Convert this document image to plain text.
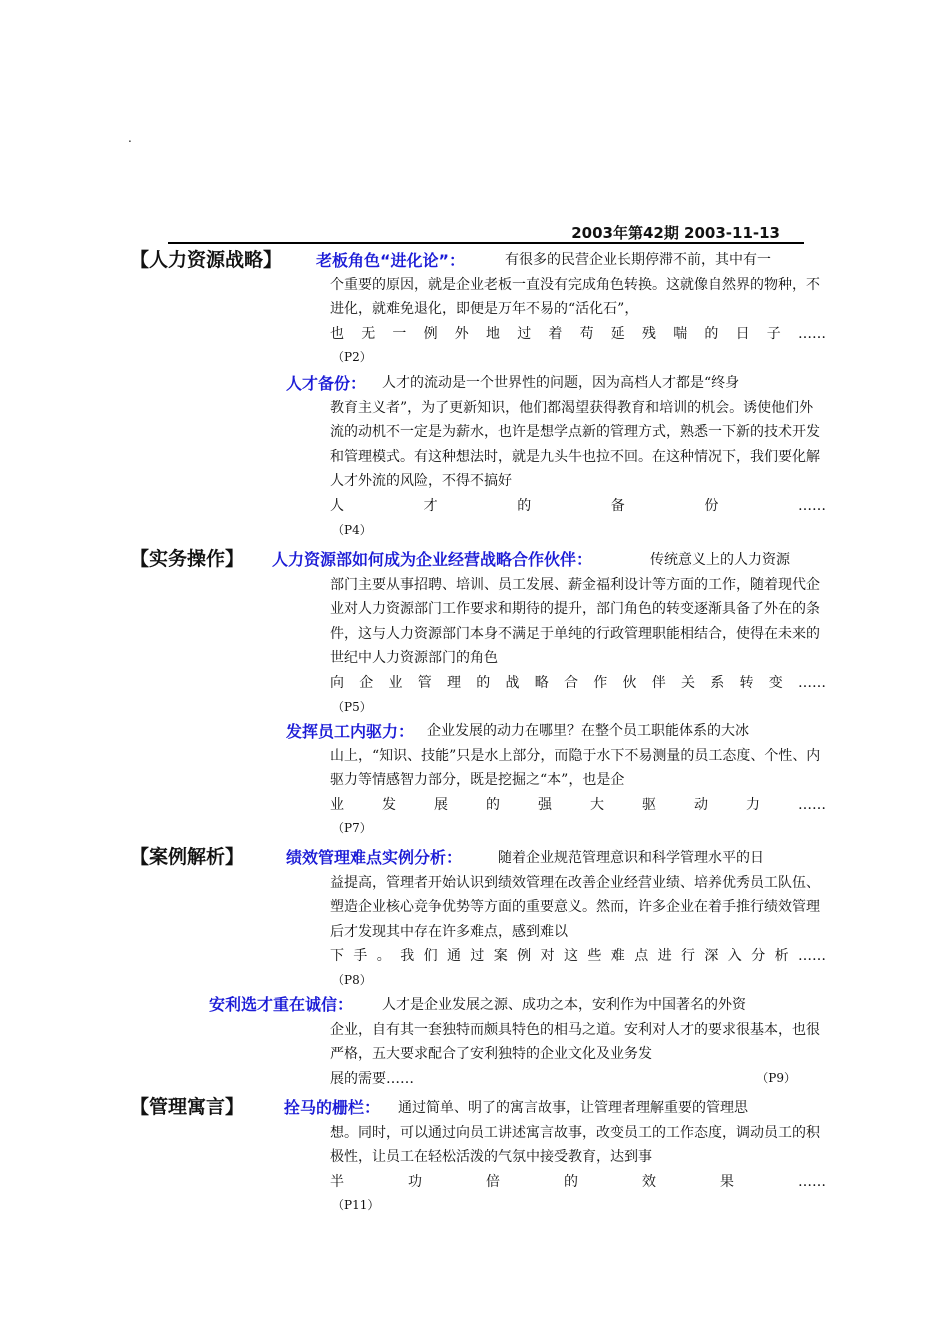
.
2003年第42期 2003-11-13
【人力资源战略】 老板角色“进化论”：	有很多的民营企业长期停滞不前，其中有一
个重要的原因，就是企业老板一直没有完成角色转换。这就像自然界的物种，不进化，就难免退化，即便是万年不易的“活化石”，
也无一例外地过着苟延残喘的日子……
（P2）
人才备份：	人才的流动是一个世界性的问题，因为高档人才都是“终身
教育主义者”，为了更新知识，他们都渴望获得教育和培训的机会。诱使他们外流的动机不一定是为薪水，也许是想学点新的管理方式，熟悉一下新的技术开发和管理模式。有这种想法时，就是九头牛也拉不回。在这种情况下，我们要化解人才外流的风险，不得不搞好
人才的备份……
（P4）
【实务操作】 人力资源部如何成为企业经营战略合作伙伴：	传统意义上的人力资源
部门主要从事招聘、培训、员工发展、薪金福利设计等方面的工作，随着现代企业对人力资源部门工作要求和期待的提升，部门角色的转变逐渐具备了外在的条件，这与人力资源部门本身不满足于单纯的行政管理职能相结合，使得在未来的世纪中人力资源部门的角色
向企业管理的战略合作伙伴关系转变……
（P5）
发挥员工内驱力： 企业发展的动力在哪里？在整个员工职能体系的大冰
山上，“知识、技能”只是水上部分，而隐于水下不易测量的员工态度、个性、内驱力等情感智力部分，既是挖掘之“本”，也是企
业发展的强大驱动力……
（P7）
【案例解析】	绩效管理难点实例分析：	随着企业规范管理意识和科学管理水平的日
益提高，管理者开始认识到绩效管理在改善企业经营业绩、培养优秀员工队伍、塑造企业核心竞争优势等方面的重要意义。然而，许多企业在着手推行绩效管理后才发现其中存在许多难点，感到难以
下手。我们通过案例对这些难点进行深入分析……
（P8）
安利选才重在诚信：	人才是企业发展之源、成功之本，安利作为中国著名的外资
企业，自有其一套独特而颇具特色的相马之道。安利对人才的要求很基本，也很严格，五大要求配合了安利独特的企业文化及业务发
展的需要……	（P9）
【管理寓言】 拴马的栅栏：	通过简单、明了的寓言故事，让管理者理解重要的管理思
想。同时，可以通过向员工讲述寓言故事，改变员工的工作态度，调动员工的积极性，让员工在轻松活泼的气氛中接受教育，达到事
半功倍的效果……
（P11）
